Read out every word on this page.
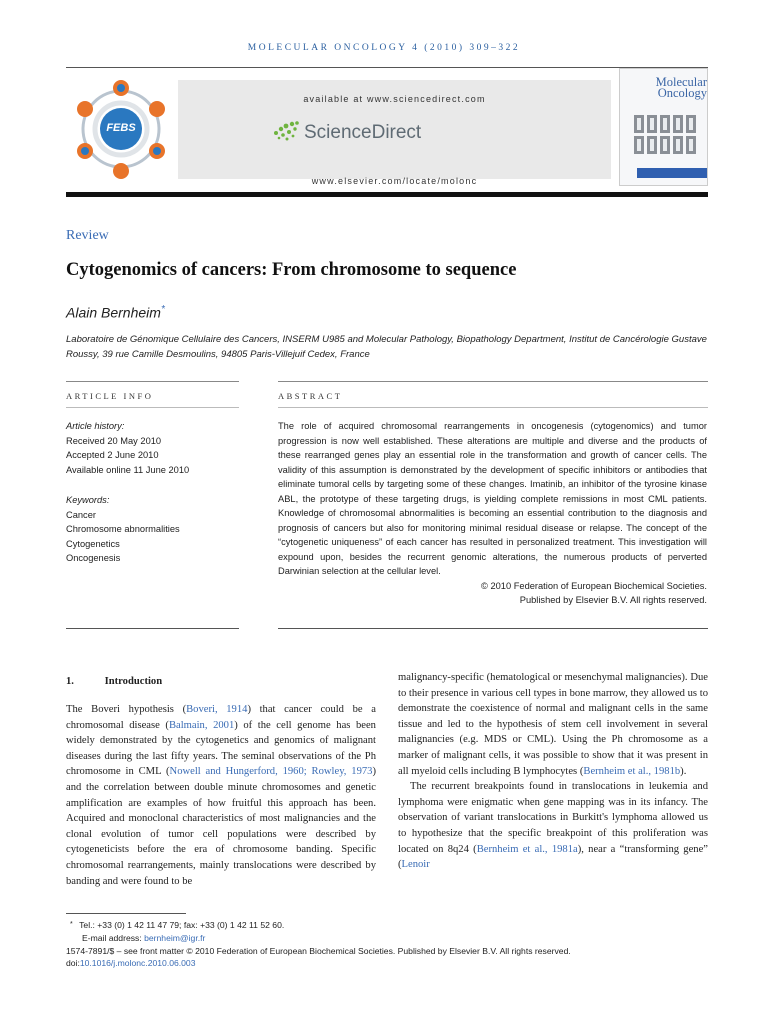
MOLECULAR ONCOLOGY 4 (2010) 309–322
FEBS
available at www.sciencedirect.com
ScienceDirect
www.elsevier.com/locate/molonc
Molecular
Oncology
Review
Cytogenomics of cancers: From chromosome to sequence
Alain Bernheim*
Laboratoire de Génomique Cellulaire des Cancers, INSERM U985 and Molecular Pathology, Biopathology Department, Institut de Cancérologie Gustave Roussy, 39 rue Camille Desmoulins, 94805 Paris-Villejuif Cedex, France
ARTICLE INFO	ABSTRACT
Article history:
Received 20 May 2010
Accepted 2 June 2010
Available online 11 June 2010
Keywords:
Cancer
Chromosome abnormalities
Cytogenetics
Oncogenesis
The role of acquired chromosomal rearrangements in oncogenesis (cytogenomics) and tumor progression is now well established. These alterations are multiple and diverse and the products of these rearranged genes play an essential role in the transformation and growth of cancer cells. The validity of this assumption is demonstrated by the development of specific inhibitors or antibodies that eliminate tumoral cells by targeting some of these changes. Imatinib, an inhibitor of the tyrosine kinase ABL, the prototype of these targeting drugs, is yielding complete remissions in most CML patients. Knowledge of chromosomal abnormalities is becoming an essential contribution to the diagnosis and prognosis of cancers but also for monitoring minimal residual disease or relapse. The concept of the “cytogenetic uniqueness” of each cancer has resulted in personalized treatment. This investigation will expound upon, besides the recurrent genomic alterations, the numerous products of perverted Darwinian selection at the cellular level.
© 2010 Federation of European Biochemical Societies.
Published by Elsevier B.V. All rights reserved.
1.	Introduction

The Boveri hypothesis (Boveri, 1914) that cancer could be a chromosomal disease (Balmain, 2001) of the cell genome has been widely demonstrated by the cytogenetics and genomics of malignant diseases during the last fifty years. The seminal observations of the Ph chromosome in CML (Nowell and Hungerford, 1960; Rowley, 1973) and the correlation between double minute chromosomes and genetic amplification are examples of how fruitful this approach has been. Acquired and monoclonal characteristics of most malignancies and the clonal evolution of tumor cell populations were described by cytogeneticists before the era of chromosome banding. Specific chromosomal rearrangements, mainly translocations were described by banding and were found to be

malignancy-specific (hematological or mesenchymal malignancies). Due to their presence in various cell types in bone marrow, they allowed us to demonstrate the coexistence of normal and malignant cells in the same tissue and led to the hypothesis of stem cell involvement in several malignancies (e.g. MDS or CML). Using the Ph chromosome as a marker of malignant cells, it was possible to show that it was present in all myeloid cells including B lymphocytes (Bernheim et al., 1981b).

The recurrent breakpoints found in translocations in leukemia and lymphoma were enigmatic when gene mapping was in its infancy. The observation of variant translocations in Burkitt's lymphoma allowed us to hypothesize that the specific breakpoint of this proliferation was located on 8q24 (Bernheim et al., 1981a), near a “transforming gene” (Lenoir

* Tel.: +33 (0) 1 42 11 47 79; fax: +33 (0) 1 42 11 52 60.
E-mail address: bernheim@igr.fr
1574-7891/$ – see front matter © 2010 Federation of European Biochemical Societies. Published by Elsevier B.V. All rights reserved.
doi:10.1016/j.molonc.2010.06.003
